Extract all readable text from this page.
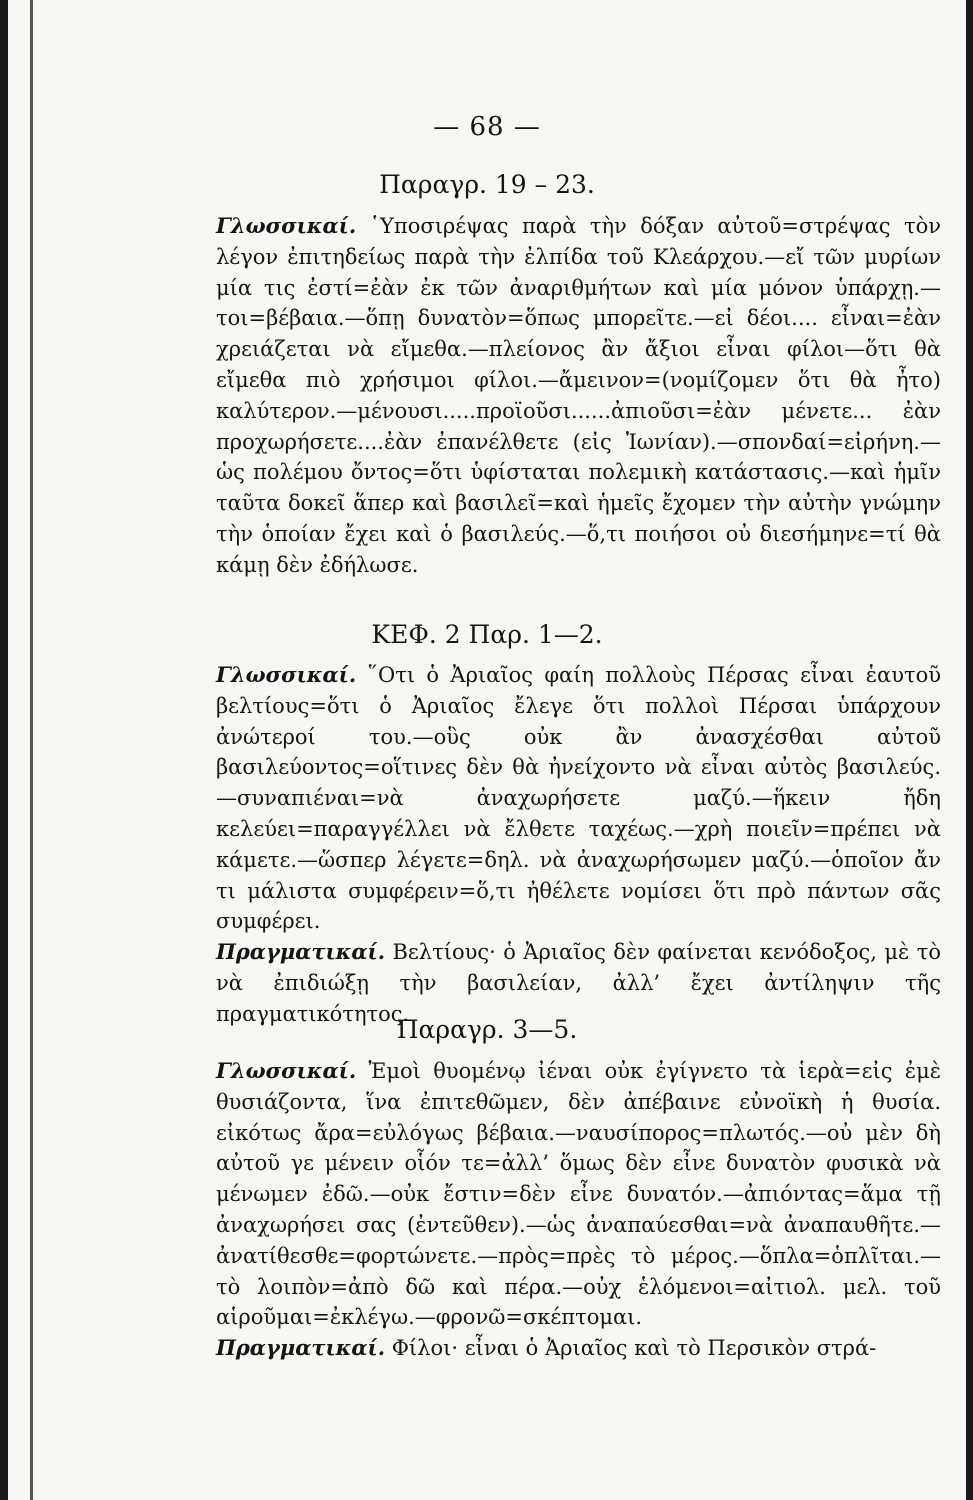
— 68 —
Παραγρ. 19 – 23.

Γλωσσικαί. ῾Υποσιρέψας παρὰ τὴν δόξαν αὐτοῦ=στρέψας τὸν λέγον ἐπιτηδείως παρὰ τὴν ἐλπίδα τοῦ Κλεάρχου.—εἴ τῶν μυρίων μία τις ἐστί=ἐὰν ἐκ τῶν ἀναριθμήτων καὶ μία μόνον ὑπάρχῃ.—τοι=βέβαια.—ὅπῃ δυνατὸν=ὅπως μπορεῖτε.—εἰ δέοι.... εἶναι=ἐὰν χρειάζεται νὰ εἴμεθα.—πλείονος ἂν ἄξιοι εἶναι φίλοι—ὅτι θὰ εἴμεθα πιὸ χρήσιμοι φίλοι.—ἄμεινον=(νομίζομεν ὅτι θὰ ἦτο) καλύτερον.—μένουσι.....προϊοῦσι......ἀπιοῦσι=ἐὰν μένετε... ἐὰν προχωρήσετε....ἐὰν ἐπανέλθετε (εἰς Ἰωνίαν).—σπονδαί=εἰρήνη.—ὡς πολέμου ὄντος=ὅτι ὑφίσταται πολεμικὴ κατάστασις.—καὶ ἡμῖν ταῦτα δοκεῖ ἅπερ καὶ βασιλεῖ=καὶ ἡμεῖς ἔχομεν τὴν αὐτὴν γνώμην τὴν ὁποίαν ἔχει καὶ ὁ βασιλεύς.—ὅ,τι ποιήσοι οὐ διεσήμηνε=τί θὰ κάμῃ δὲν ἐδήλωσε.

ΚΕΦ. 2 Παρ. 1—2.

Γλωσσικαί. ῞Οτι ὁ Ἀριαῖος φαίη πολλοὺς Πέρσας εἶναι ἑαυτοῦ βελτίους=ὅτι ὁ Ἀριαῖος ἔλεγε ὅτι πολλοὶ Πέρσαι ὑπάρχουν ἀνώτεροί του.—οὓς οὐκ ἂν ἀνασχέσθαι αὐτοῦ βασιλεύοντος=οἵτινες δὲν θὰ ἠνείχοντο νὰ εἶναι αὐτὸς βασιλεύς.—συναπιέναι=νὰ ἀναχωρήσετε μαζύ.—ἥκειν ἤδη κελεύει=παραγγέλλει νὰ ἔλθετε ταχέως.—χρὴ ποιεῖν=πρέπει νὰ κάμετε.—ὥσπερ λέγετε=δηλ. νὰ ἀναχωρήσωμεν μαζύ.—ὁποῖον ἄν τι μάλιστα συμφέρειν=ὅ,τι ἠθέλετε νομίσει ὅτι πρὸ πάντων σᾶς συμφέρει.

Πραγματικαί. Βελτίους· ὁ Ἀριαῖος δὲν φαίνεται κενόδοξος, μὲ τὸ νὰ ἐπιδιώξῃ τὴν βασιλείαν, ἀλλ’ ἔχει ἀντίληψιν τῆς πραγματικότητος.

Παραγρ. 3—5.

Γλωσσικαί. Ἐμοὶ θυομένῳ ἰέναι οὐκ ἐγίγνετο τὰ ἱερὰ=εἰς ἐμὲ θυσιάζοντα, ἵνα ἐπιτεθῶμεν, δὲν ἀπέβαινε εὐνοϊκὴ ἡ θυσία. εἰκότως ἄρα=εὐλόγως βέβαια.—ναυσίπορος=πλωτός.—οὐ μὲν δὴ αὐτοῦ γε μένειν οἷόν τε=ἀλλ’ ὅμως δὲν εἶνε δυνατὸν φυσικὰ νὰ μένωμεν ἐδῶ.—οὐκ ἔστιν=δὲν εἶνε δυνατόν.—ἀπιόντας=ἅμα τῇ ἀναχωρήσει σας (ἐντεῦθεν).—ὡς ἀναπαύεσθαι=νὰ ἀναπαυθῆτε.—ἀνατίθεσθε=φορτώνετε.—πρὸς=πρὲς τὸ μέρος.—ὅπλα=ὁπλῖται.—τὸ λοιπὸν=ἀπὸ δῶ καὶ πέρα.—οὐχ ἑλόμενοι=αἰτιολ. μελ. τοῦ αἱροῦμαι=ἐκλέγω.—φρονῶ=σκέπτομαι.

Πραγματικαί. Φίλοι· εἶναι ὁ Ἀριαῖος καὶ τὸ Περσικὸν στρά-
